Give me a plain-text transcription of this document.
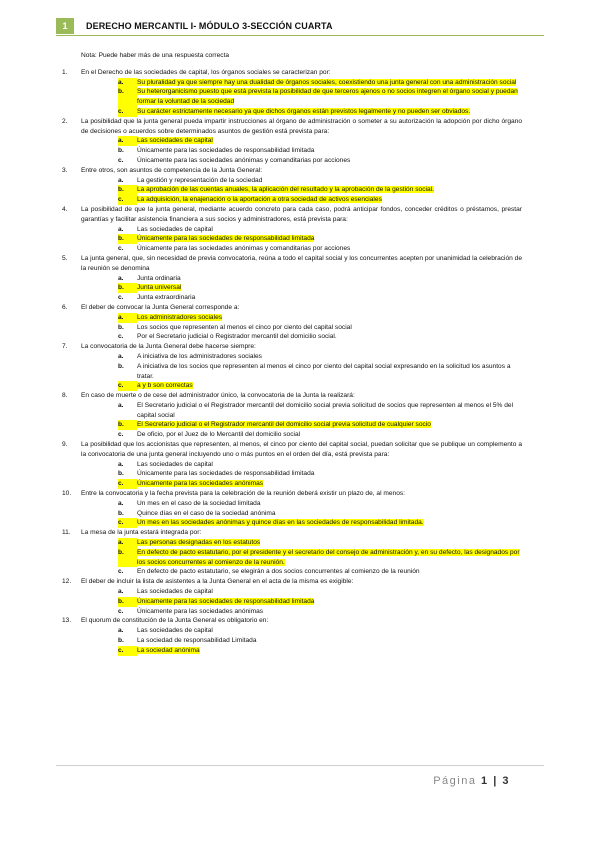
1	DERECHO MERCANTIL I- MÓDULO 3-SECCIÓN CUARTA
Nota: Puede haber más de una respuesta correcta
1.	En el Derecho de las sociedades de capital, los órganos sociales se caracterizan por:
a.	Su pluralidad ya que siempre hay una dualidad de órganos sociales, coexistiendo una junta general con una administración social
b.	Su heterorganicismo puesto que está prevista la posibilidad de que terceros ajenos o no socios integren el órgano social y puedan formar la voluntad de la sociedad
c.	Su carácter estrictamente necesario ya que dichos órganos están previstos legalmente y no pueden ser obviados.
2.	La posibilidad que la junta general pueda impartir instrucciones al órgano de administración o someter a su autorización la adopción por dicho órgano de decisiones o acuerdos sobre determinados asuntos de gestión está prevista para:
a.	Las sociedades de capital
b.	Únicamente para las sociedades de responsabilidad limitada
c.	Únicamente para las sociedades anónimas y comanditarias por acciones
3.	Entre otros, son asuntos de competencia de la Junta General:
a.	La gestión y representación de la sociedad
b.	La aprobación de las cuentas anuales, la aplicación del resultado y la aprobación de la gestión social.
c.	La adquisición, la enajenación o la aportación a otra sociedad de activos esenciales
4.	La posibilidad de que la junta general, mediante acuerdo concreto para cada caso, podrá anticipar fondos, conceder créditos o préstamos, prestar garantías y facilitar asistencia financiera a sus socios y administradores, está prevista para:
a.	Las sociedades de capital
b.	Únicamente para las sociedades de responsabilidad limitada
c.	Únicamente para las sociedades anónimas y comanditarias por acciones
5.	La junta general, que, sin necesidad de previa convocatoria, reúna a todo el capital social y los concurrentes acepten por unanimidad la celebración de la reunión se denomina
a.	Junta ordinaria
b.	Junta universal
c.	Junta extraordinaria
6.	El deber de convocar la Junta General corresponde a:
a.	Los administradores sociales
b.	Los socios que representen al menos el cinco por ciento del capital social
c.	Por el Secretario judicial o Registrador mercantil del domicilio social.
7.	La convocatoria de la Junta General debe hacerse siempre:
a.	A iniciativa de los administradores sociales
b.	A iniciativa de los socios que representen al menos el cinco por ciento del capital social expresando en la solicitud los asuntos a tratar.
c.	a y b son correctas
8.	En caso de muerte o de cese del administrador único, la convocatoria de la Junta la realizará:
a.	El Secretario judicial o el Registrador mercantil del domicilio social previa solicitud de socios que representen al menos el 5% del capital social
b.	El Secretario judicial o el Registrador mercantil del domicilio social previa solicitud de cualquier socio
c.	De oficio, por el Juez de lo Mercantil del domicilio social
9.	La posibilidad que los accionistas que representen, al menos, el cinco por ciento del capital social, puedan solicitar que se publique un complemento a la convocatoria de una junta general incluyendo uno o más puntos en el orden del día, está prevista para:
a.	Las sociedades de capital
b.	Únicamente para las sociedades de responsabilidad limitada
c.	Únicamente para las sociedades anónimas
10.	Entre la convocatoria y la fecha prevista para la celebración de la reunión deberá existir un plazo de, al menos:
a.	Un mes en el caso de la sociedad limitada
b.	Quince días en el caso de la sociedad anónima
c.	Un mes en las sociedades anónimas y quince días en las sociedades de responsabilidad limitada.
11.	La mesa de la junta estará integrada por:
a.	Las personas designadas en los estatutos
b.	En defecto de pacto estatutario, por el presidente y el secretario del consejo de administración y, en su defecto, las designados por los socios concurrentes al comienzo de la reunión.
c.	En defecto de pacto estatutario, se elegirán a dos socios concurrentes al comienzo de la reunión
12.	El deber de incluir la lista de asistentes a la Junta General en el acta de la misma es exigible:
a.	Las sociedades de capital
b.	Únicamente para las sociedades de responsabilidad limitada
c.	Únicamente para las sociedades anónimas
13.	El quorum de constitución de la Junta General es obligatorio en:
a.	Las sociedades de capital
b.	La sociedad de responsabilidad Limitada
c.	La sociedad anónima
Página 1 | 3
